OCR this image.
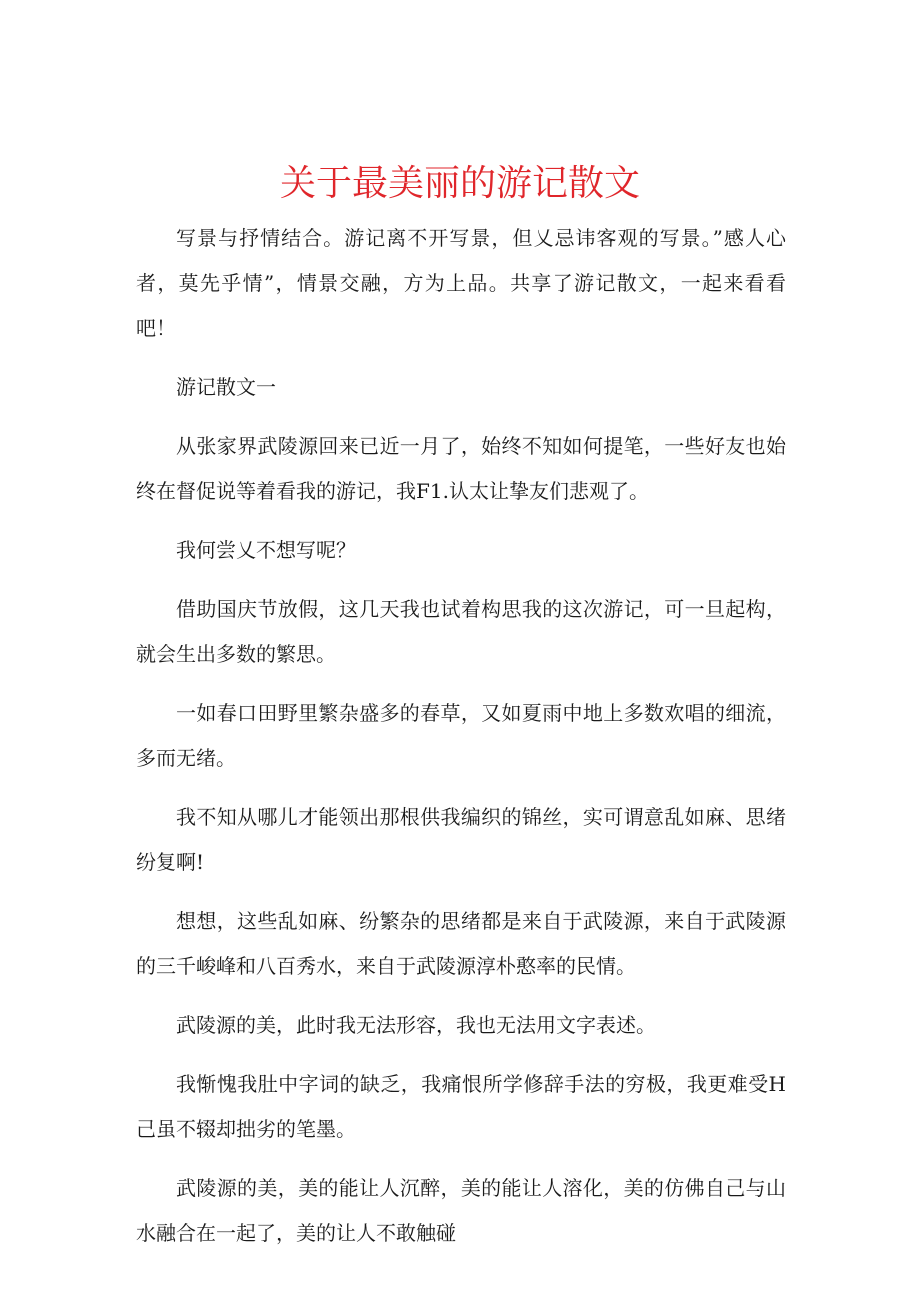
关于最美丽的游记散文

写景与抒情结合。游记离不开写景，但乂忌讳客观的写景。”感人心者，莫先乎情”，情景交融，方为上品。共享了游记散文，一起来看看吧！

游记散文一

从张家界武陵源回来已近一月了，始终不知如何提笔，一些好友也始终在督促说等着看我的游记，我F1.认太让挚友们悲观了。

我何尝乂不想写呢？

借助国庆节放假，这几天我也试着构思我的这次游记，可一旦起构，就会生出多数的繁思。

一如春口田野里繁杂盛多的春草，又如夏雨中地上多数欢唱的细流，多而无绪。

我不知从哪儿才能领出那根供我编织的锦丝，实可谓意乱如麻、思绪纷复啊!

想想，这些乱如麻、纷繁杂的思绪都是来自于武陵源，来自于武陵源的三千峻峰和八百秀水，来自于武陵源淳朴憨率的民情。

武陵源的美，此时我无法形容，我也无法用文字表述。

我惭愧我肚中字词的缺乏，我痛恨所学修辞手法的穷极，我更难受H己虽不辍却拙劣的笔墨。

武陵源的美，美的能让人沉醉，美的能让人溶化，美的仿佛自己与山水融合在一起了，美的让人不敢触碰
